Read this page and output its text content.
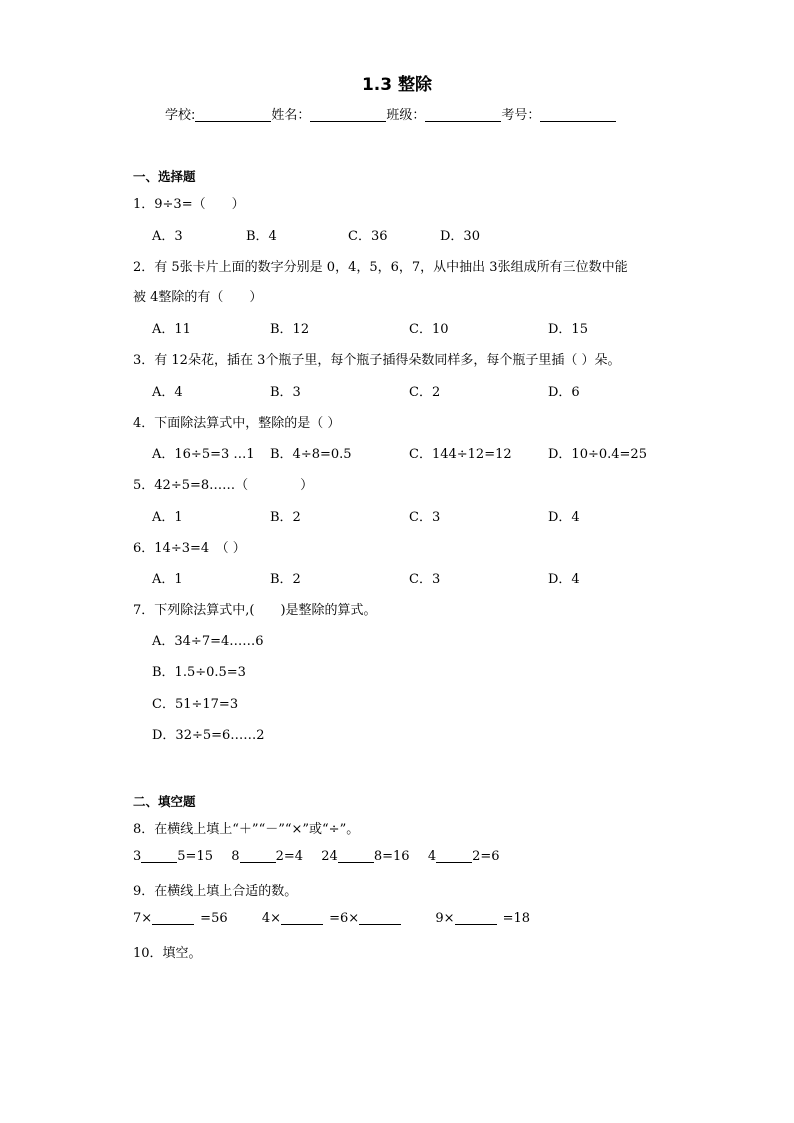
1.3 整除
学校:	姓名：	班级：	考号：
一、选择题
1．9÷3=（　　）
A．3	B．4	C．36	D．30
2．有 5张卡片上面的数字分别是 0，4，5，6，7，从中抽出 3张组成所有三位数中能
被 4整除的有（　　）
A．11	B．12	C．10	D．15
3．有 12朵花，插在 3个瓶子里，每个瓶子插得朵数同样多，每个瓶子里插（ ）朵。
A．4	B．3	C．2	D．6
4．下面除法算式中，整除的是（ ）
A．16÷5=3 …1 B．4÷8=0.5	C．144÷12=12	D．10÷0.4=25
5．42÷5=8……（　　　　）
A．1	B．2	C．3	D．4
6．14÷3=4　（ ）
A．1	B．2	C．3	D．4
7．下列除法算式中,(　　)是整除的算式。
A．34÷7=4……6
B．1.5÷0.5=3
C．51÷17=3
D．32÷5=6……2
二、填空题
8．在横线上填上“＋”“－”“×”或“÷”。
3	5=15 8	2=4 24	8=16 4	2=6
9．在横线上填上合适的数。
7×	=56	4×	=6×	9×	=18
10．填空。
